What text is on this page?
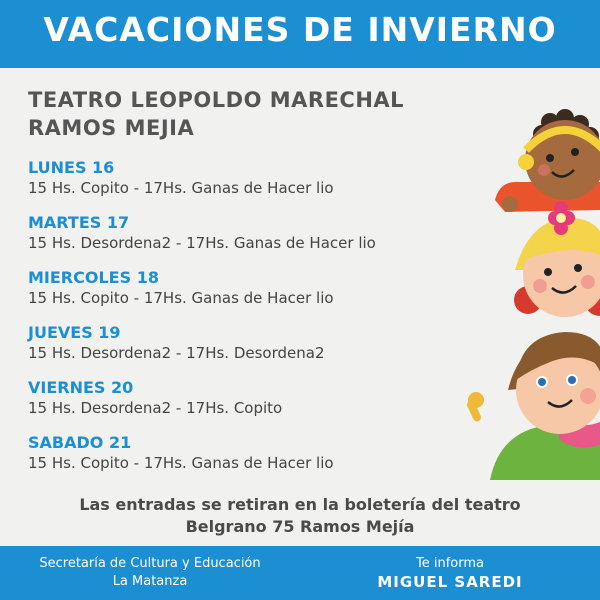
VACACIONES DE INVIERNO
TEATRO LEOPOLDO MARECHAL
RAMOS MEJIA
LUNES 16
15 Hs. Copito - 17Hs. Ganas de Hacer lio
MARTES 17
15 Hs. Desordena2 - 17Hs. Ganas de Hacer lio
MIERCOLES 18
15 Hs. Copito - 17Hs. Ganas de Hacer lio
JUEVES 19
15 Hs. Desordena2 - 17Hs. Desordena2
VIERNES 20
15 Hs. Desordena2 - 17Hs. Copito
SABADO 21
15 Hs. Copito - 17Hs. Ganas de Hacer lio
Las entradas se retiran en la boletería del teatro
Belgrano 75 Ramos Mejía
Secretaría de Cultura y Educación
La Matanza
Te informa
MIGUEL SAREDI
